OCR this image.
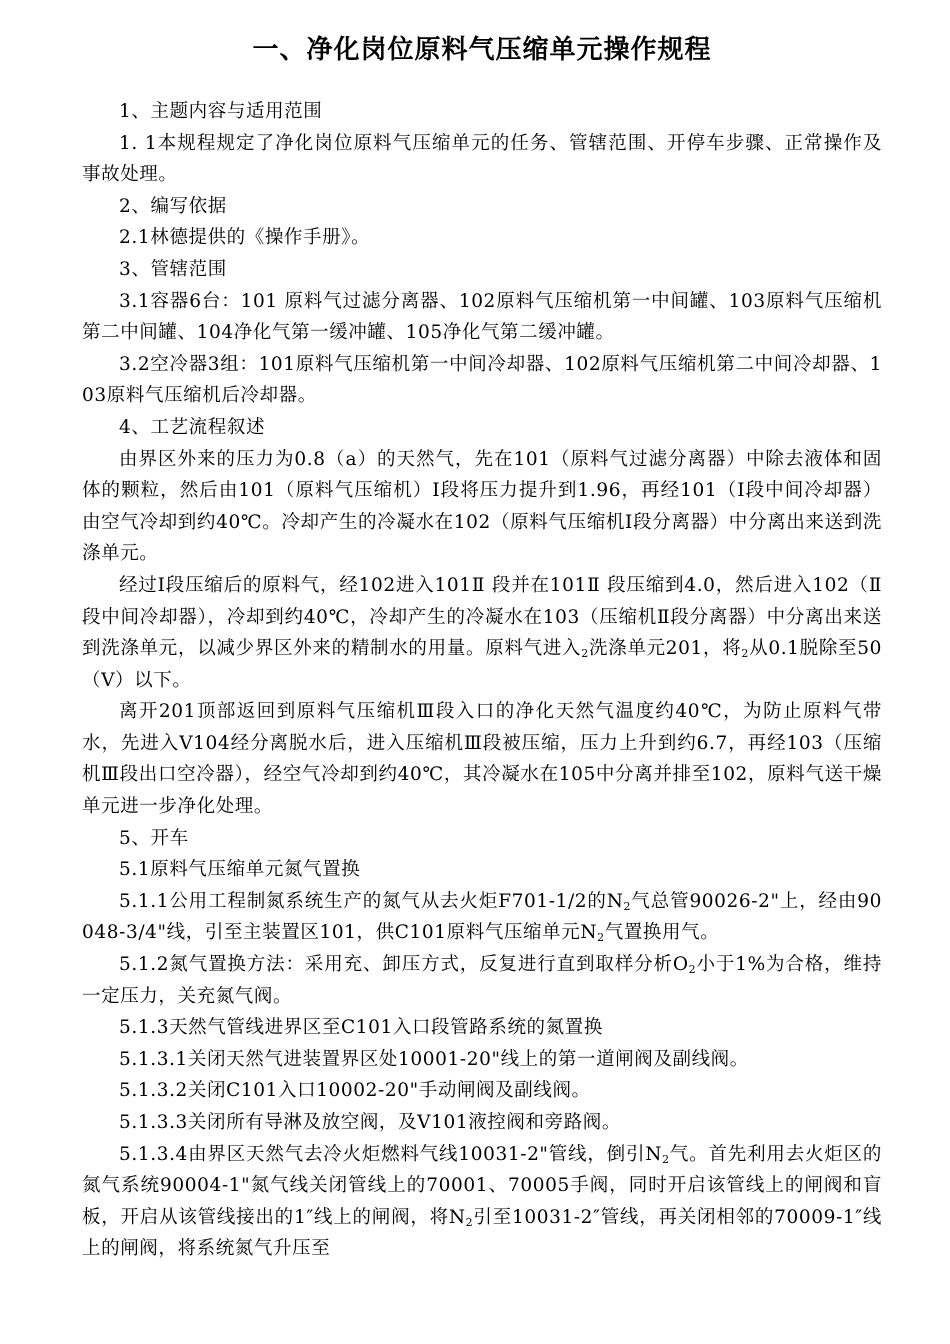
一、净化岗位原料气压缩单元操作规程

1、主题内容与适用范围

1. 1本规程规定了净化岗位原料气压缩单元的任务、管辖范围、开停车步骤、正常操作及事故处理。

2、编写依据

2.1林德提供的《操作手册》。

3、管辖范围

3.1容器6台：101 原料气过滤分离器、102原料气压缩机第一中间罐、103原料气压缩机第二中间罐、104净化气第一缓冲罐、105净化气第二缓冲罐。

3.2空冷器3组：101原料气压缩机第一中间冷却器、102原料气压缩机第二中间冷却器、103原料气压缩机后冷却器。

4、工艺流程叙述

由界区外来的压力为0.8（a）的天然气，先在101（原料气过滤分离器）中除去液体和固体的颗粒，然后由101（原料气压缩机）Ⅰ段将压力提升到1.96，再经101（Ⅰ段中间冷却器）由空气冷却到约40℃。冷却产生的冷凝水在102（原料气压缩机Ⅰ段分离器）中分离出来送到洗涤单元。

经过Ⅰ段压缩后的原料气，经102进入101Ⅱ 段并在101Ⅱ 段压缩到4.0，然后进入102（Ⅱ段中间冷却器），冷却到约40℃，冷却产生的冷凝水在103（压缩机Ⅱ段分离器）中分离出来送到洗涤单元，以减少界区外来的精制水的用量。原料气进入$_2$洗涤单元201，将$_2$从0.1脱除至50（V）以下。

离开201顶部返回到原料气压缩机Ⅲ段入口的净化天然气温度约40℃，为防止原料气带水，先进入V104经分离脱水后，进入压缩机Ⅲ段被压缩，压力上升到约6.7，再经103（压缩机Ⅲ段出口空冷器），经空气冷却到约40℃，其冷凝水在105中分离并排至102，原料气送干燥单元进一步净化处理。

5、开车

5.1原料气压缩单元氮气置换

5.1.1公用工程制氮系统生产的氮气从去火炬F701-1/2的$N_2$气总管90026-2"上，经由90048-3/4"线，引至主装置区101，供C101原料气压缩单元$N_2$气置换用气。

5.1.2氮气置换方法：采用充、卸压方式，反复进行直到取样分析$O_2$小于1%为合格，维持一定压力，关充氮气阀。

5.1.3天然气管线进界区至C101入口段管路系统的氮置换

5.1.3.1关闭天然气进装置界区处10001-20"线上的第一道闸阀及副线阀。

5.1.3.2关闭C101入口10002-20"手动闸阀及副线阀。

5.1.3.3关闭所有导淋及放空阀，及V101液控阀和旁路阀。

5.1.3.4由界区天然气去冷火炬燃料气线10031-2"管线，倒引$N_2$气。首先利用去火炬区的氮气系统90004-1"氮气线关闭管线上的70001、70005手阀，同时开启该管线上的闸阀和盲板，开启从该管线接出的1″线上的闸阀，将$N_2$引至10031-2″管线，再关闭相邻的70009-1″线上的闸阀，将系统氮气升压至
